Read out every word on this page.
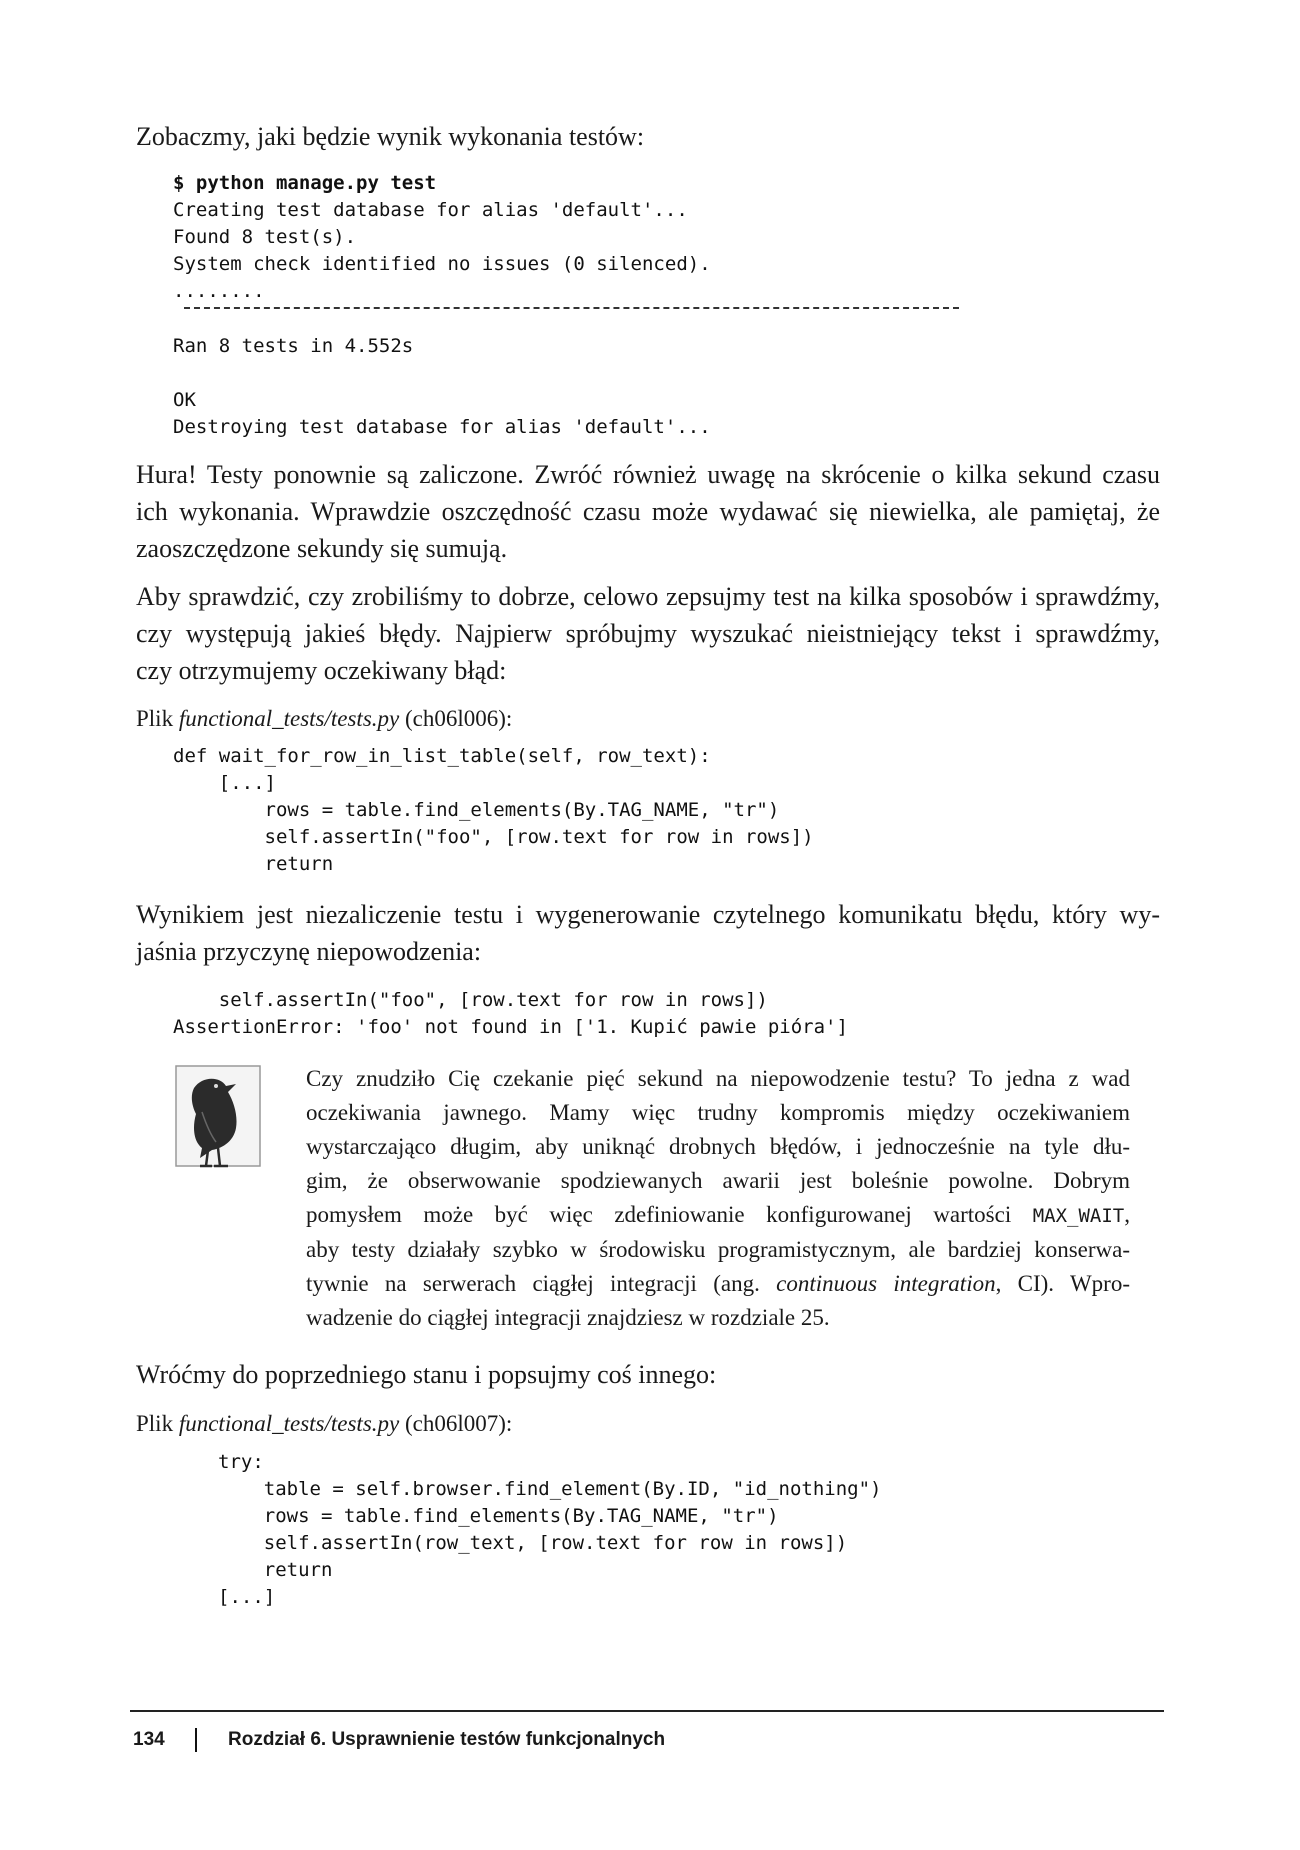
Zobaczmy, jaki będzie wynik wykonania testów:

$ python manage.py test
Creating test database for alias 'default'...
Found 8 test(s).
System check identified no issues (0 silenced).
........
Ran 8 tests in 4.552s
OK
Destroying test database for alias 'default'...

Hura! Testy ponownie są zaliczone. Zwróć również uwagę na skrócenie o kilka sekund czasu
ich wykonania. Wprawdzie oszczędność czasu może wydawać się niewielka, ale pamiętaj, że
zaoszczędzone sekundy się sumują.

Aby sprawdzić, czy zrobiliśmy to dobrze, celowo zepsujmy test na kilka sposobów i sprawdźmy,
czy występują jakieś błędy. Najpierw spróbujmy wyszukać nieistniejący tekst i sprawdźmy,
czy otrzymujemy oczekiwany błąd:

Plik functional_tests/tests.py (ch06l006):
def wait_for_row_in_list_table(self, row_text):
[...]
rows = table.find_elements(By.TAG_NAME, "tr")
self.assertIn("foo", [row.text for row in rows])
return

Wynikiem jest niezaliczenie testu i wygenerowanie czytelnego komunikatu błędu, który wy-
jaśnia przyczynę niepowodzenia:

self.assertIn("foo", [row.text for row in rows])
AssertionError: 'foo' not found in ['1. Kupić pawie pióra']
Czy znudziło Cię czekanie pięć sekund na niepowodzenie testu? To jedna z wad
oczekiwania jawnego. Mamy więc trudny kompromis między oczekiwaniem
wystarczająco długim, aby uniknąć drobnych błędów, i jednocześnie na tyle dłu-
gim, że obserwowanie spodziewanych awarii jest boleśnie powolne. Dobrym
pomysłem może być więc zdefiniowanie konfigurowanej wartości MAX_WAIT,
aby testy działały szybko w środowisku programistycznym, ale bardziej konserwa-
tywnie na serwerach ciągłej integracji (ang. continuous integration, CI). Wpro-
wadzenie do ciągłej integracji znajdziesz w rozdziale 25.

Wróćmy do poprzedniego stanu i popsujmy coś innego:

Plik functional_tests/tests.py (ch06l007):
try:
table = self.browser.find_element(By.ID, "id_nothing")
rows = table.find_elements(By.TAG_NAME, "tr")
self.assertIn(row_text, [row.text for row in rows])
return
[...]
134	Rozdział 6. Usprawnienie testów funkcjonalnych
